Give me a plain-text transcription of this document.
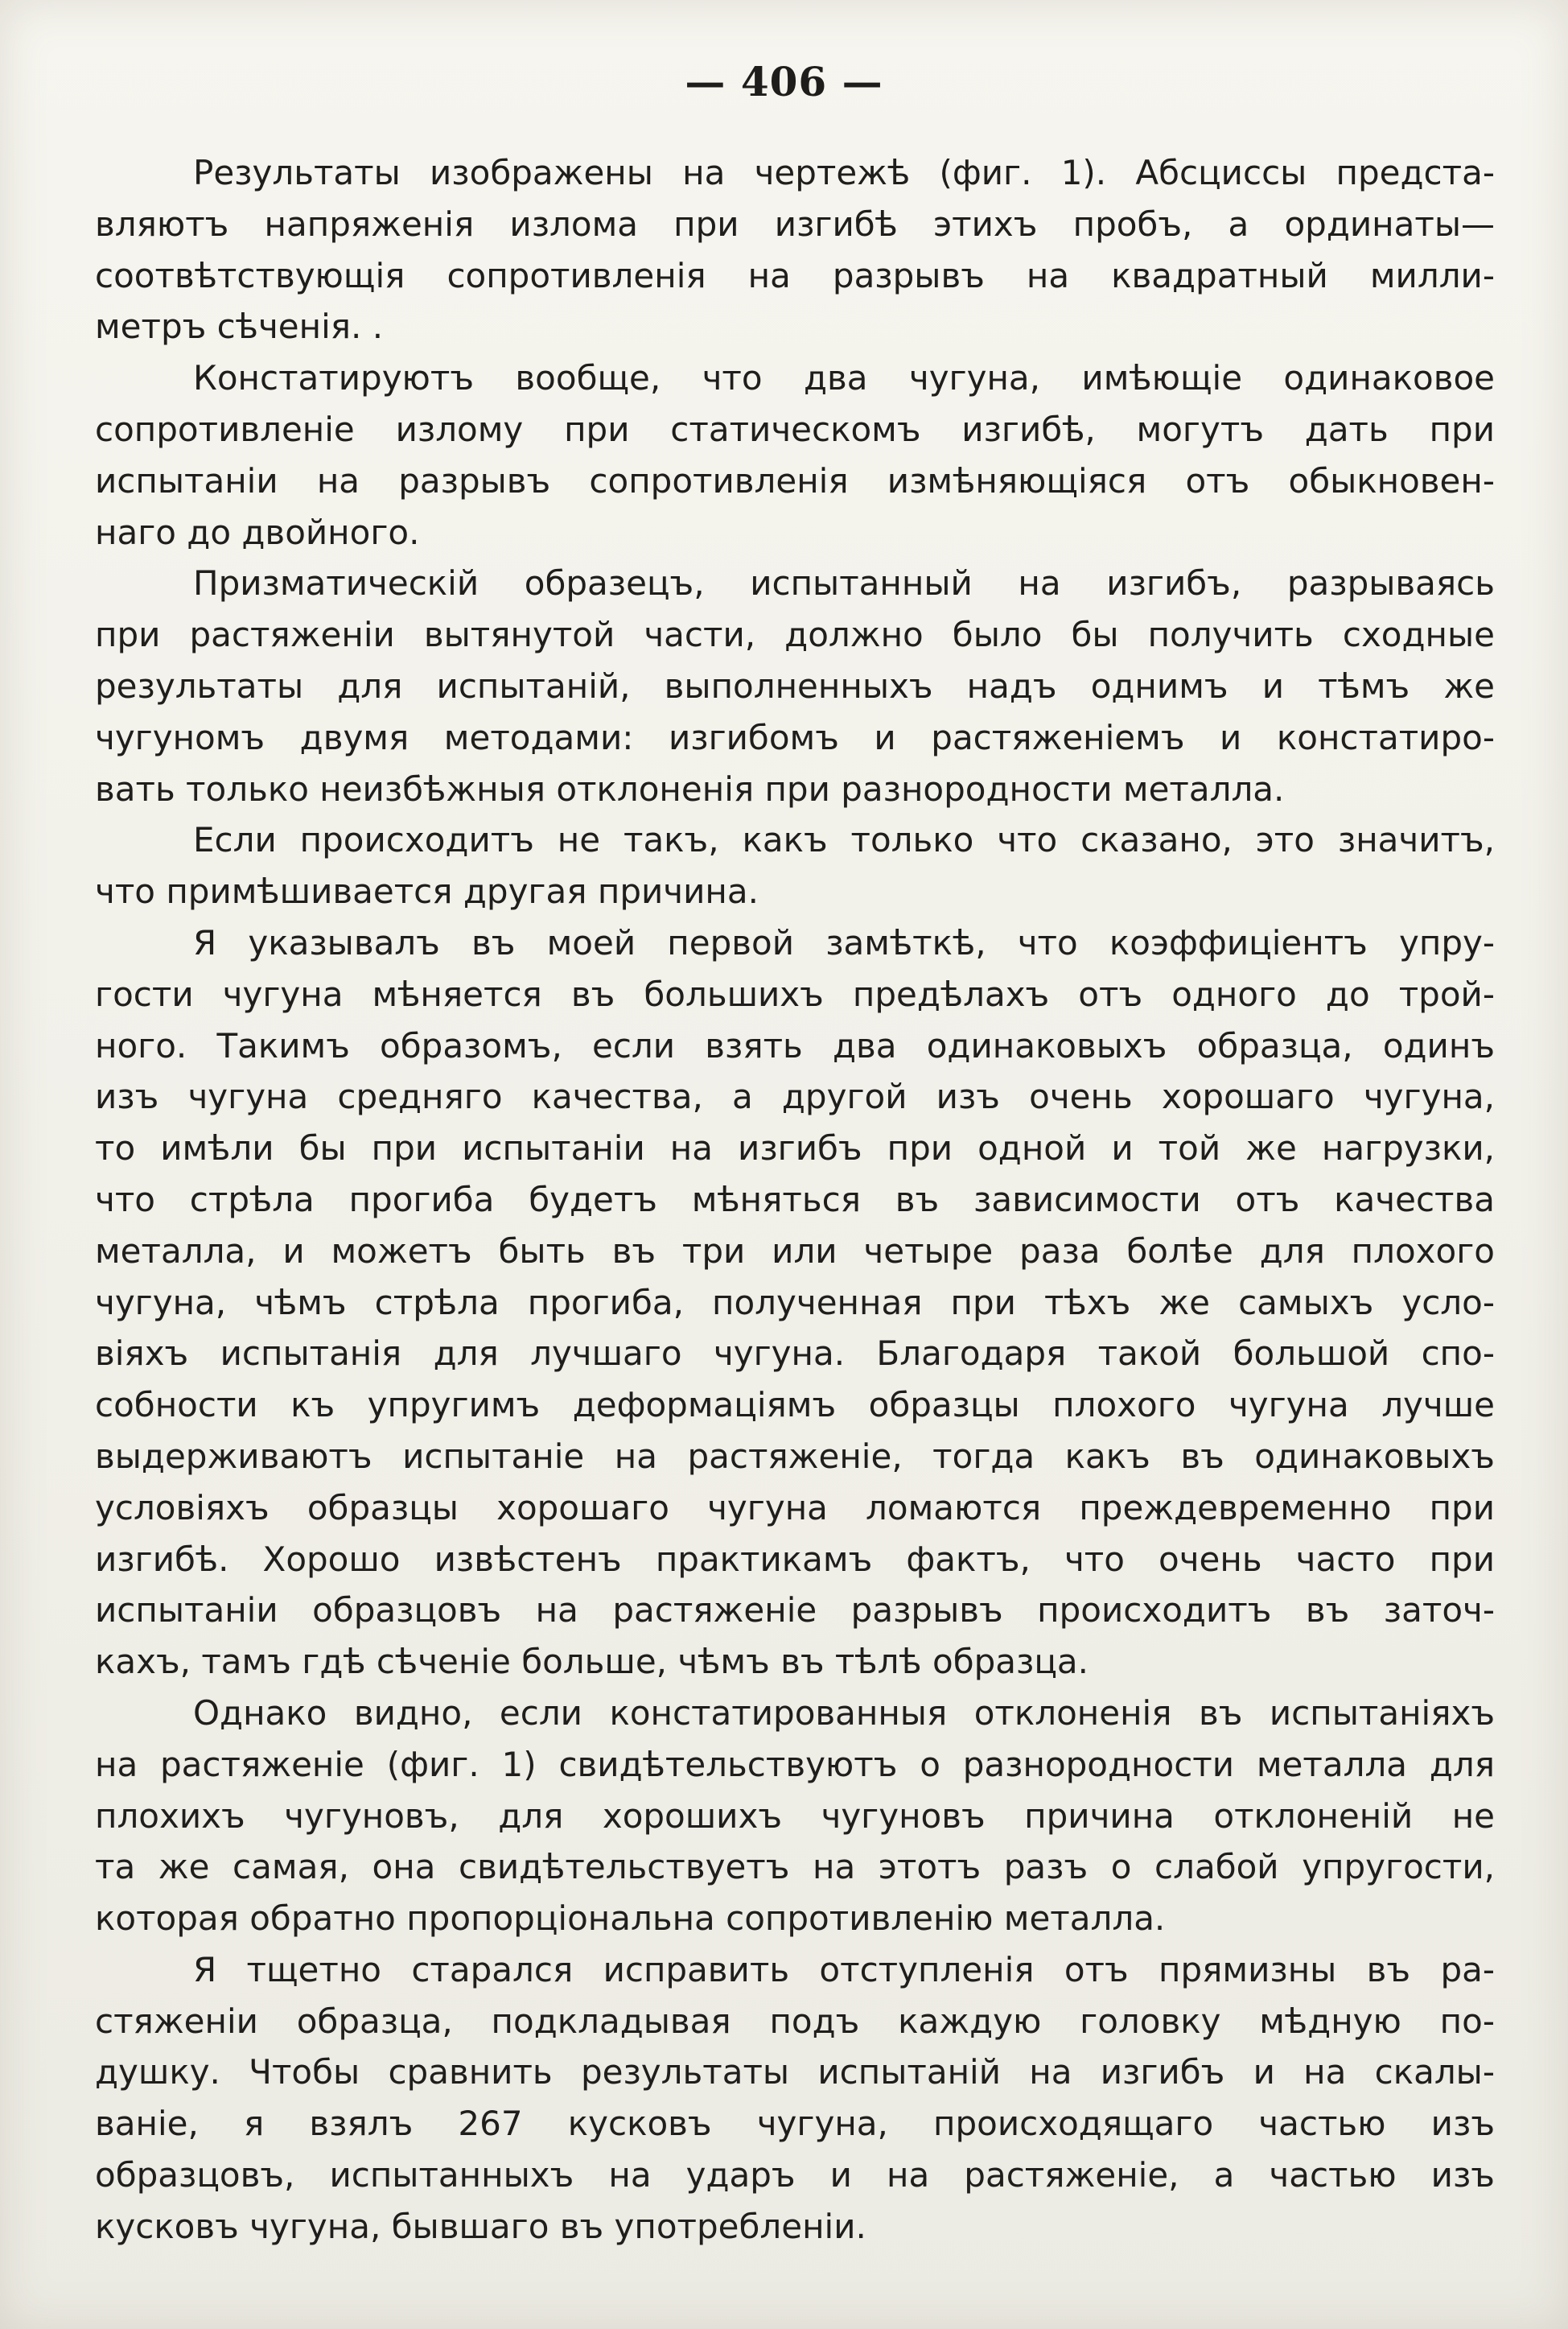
— 406 —
Результаты изображены на чертежѣ (фиг. 1). Абсциссы предста-
вляютъ напряженія излома при изгибѣ этихъ пробъ, а ординаты—
соотвѣтствующія сопротивленія на разрывъ на квадратный милли-
метръ сѣченія. .
Констатируютъ вообще, что два чугуна, имѣющіе одинаковое
сопротивленіе излому при статическомъ изгибѣ, могутъ дать при
испытаніи на разрывъ сопротивленія измѣняющіяся отъ обыкновен-
наго до двойного.
Призматическій образецъ, испытанный на изгибъ, разрываясь
при растяженіи вытянутой части, должно было бы получить сходные
результаты для испытаній, выполненныхъ надъ однимъ и тѣмъ же
чугуномъ двумя методами: изгибомъ и растяженіемъ и констатиро-
вать только неизбѣжныя отклоненія при разнородности металла.
Если происходитъ не такъ, какъ только что сказано, это значитъ,
что примѣшивается другая причина.
Я указывалъ въ моей первой замѣткѣ, что коэффиціентъ упру-
гости чугуна мѣняется въ большихъ предѣлахъ отъ одного до трой-
ного. Такимъ образомъ, если взять два одинаковыхъ образца, одинъ
изъ чугуна средняго качества, а другой изъ очень хорошаго чугуна,
то имѣли бы при испытаніи на изгибъ при одной и той же нагрузки,
что стрѣла прогиба будетъ мѣняться въ зависимости отъ качества
металла, и можетъ быть въ три или четыре раза болѣе для плохого
чугуна, чѣмъ стрѣла прогиба, полученная при тѣхъ же самыхъ усло-
віяхъ испытанія для лучшаго чугуна. Благодаря такой большой спо-
собности къ упругимъ деформаціямъ образцы плохого чугуна лучше
выдерживаютъ испытаніе на растяженіе, тогда какъ въ одинаковыхъ
условіяхъ образцы хорошаго чугуна ломаются преждевременно при
изгибѣ. Хорошо извѣстенъ практикамъ фактъ, что очень часто при
испытаніи образцовъ на растяженіе разрывъ происходитъ въ заточ-
кахъ, тамъ гдѣ сѣченіе больше, чѣмъ въ тѣлѣ образца.
Однако видно, если констатированныя отклоненія въ испытаніяхъ
на растяженіе (фиг. 1) свидѣтельствуютъ о разнородности металла для
плохихъ чугуновъ, для хорошихъ чугуновъ причина отклоненій не
та же самая, она свидѣтельствуетъ на этотъ разъ о слабой упругости,
которая обратно пропорціональна сопротивленію металла.
Я тщетно старался исправить отступленія отъ прямизны въ ра-
стяженіи образца, подкладывая подъ каждую головку мѣдную по-
душку. Чтобы сравнить результаты испытаній на изгибъ и на скалы-
ваніе, я взялъ 267 кусковъ чугуна, происходящаго частью изъ
образцовъ, испытанныхъ на ударъ и на растяженіе, а частью изъ
кусковъ чугуна, бывшаго въ употребленіи.
